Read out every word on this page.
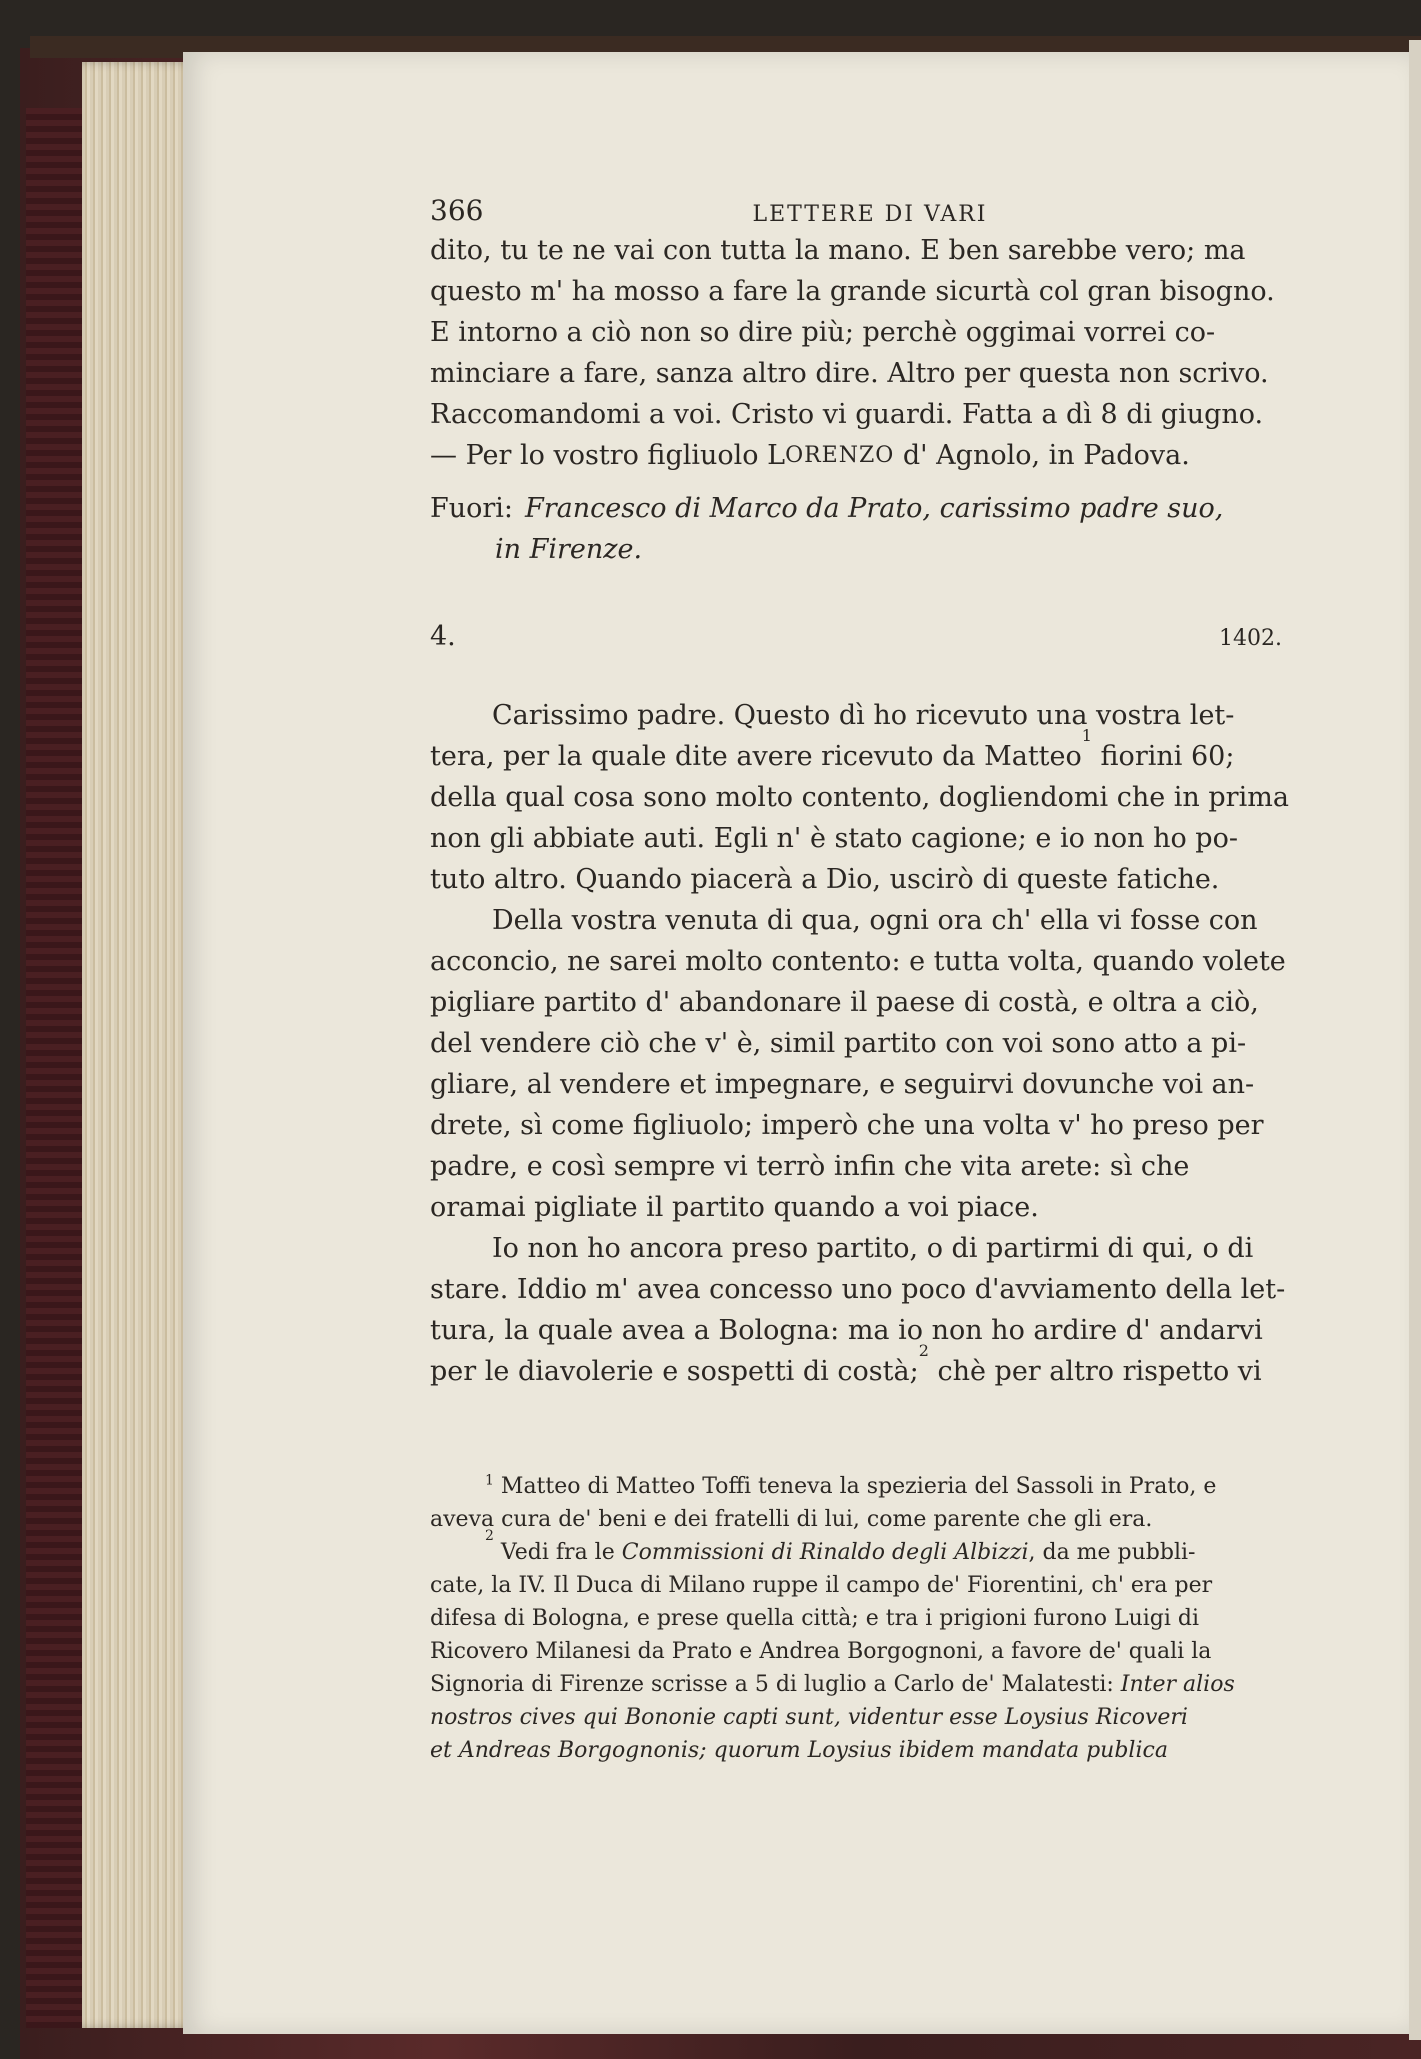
366	LETTERE DI VARI
dito, tu te ne vai con tutta la mano. E ben sarebbe vero; ma
questo m' ha mosso a fare la grande sicurtà col gran bisogno.
E intorno a ciò non so dire più; perchè oggimai vorrei co-
minciare a fare, sanza altro dire. Altro per questa non scrivo.
Raccomandomi a voi. Cristo vi guardi. Fatta a dì 8 di giugno.
— Per lo vostro figliuolo L ORENZO d' Agnolo, in Padova.
Fuori: Francesco di Marco da Prato, carissimo padre suo,
in Firenze.
4.	1402.
Carissimo padre. Questo dì ho ricevuto una vostra let-
tera, per la quale dite avere ricevuto da Matteo
1
fiorini 60;
della qual cosa sono molto contento, dogliendomi che in prima
non gli abbiate auti. Egli n' è stato cagione; e io non ho po-
tuto altro. Quando piacerà a Dio, uscirò di queste fatiche.
Della vostra venuta di qua, ogni ora ch' ella vi fosse con
acconcio, ne sarei molto contento: e tutta volta, quando volete
pigliare partito d' abandonare il paese di costà, e oltra a ciò,
del vendere ciò che v' è, simil partito con voi sono atto a pi-
gliare, al vendere et impegnare, e seguirvi dovunche voi an-
drete, sì come figliuolo; imperò che una volta v' ho preso per
padre, e così sempre vi terrò infin che vita arete: sì che
oramai pigliate il partito quando a voi piace.
Io non ho ancora preso partito, o di partirmi di qui, o di
stare. Iddio m' avea concesso uno poco d'avviamento della let-
tura, la quale avea a Bologna: ma io non ho ardire d' andarvi
per le diavolerie e sospetti di costà;
2
chè per altro rispetto vi
$^1$ Matteo di Matteo Toffi teneva la spezieria del Sassoli in Prato, e
aveva cura de' beni e dei fratelli di lui, come parente che gli era.
2
Vedi fra le Commissioni di Rinaldo degli Albizzi , da me pubbli-
cate, la IV. Il Duca di Milano ruppe il campo de' Fiorentini, ch' era per
difesa di Bologna, e prese quella città; e tra i prigioni furono Luigi di
Ricovero Milanesi da Prato e Andrea Borgognoni, a favore de' quali la
Signoria di Firenze scrisse a 5 di luglio a Carlo de' Malatesti: Inter alios
nostros cives qui Bononie capti sunt, videntur esse Loysius Ricoveri
et Andreas Borgognonis; quorum Loysius ibidem mandata publica
